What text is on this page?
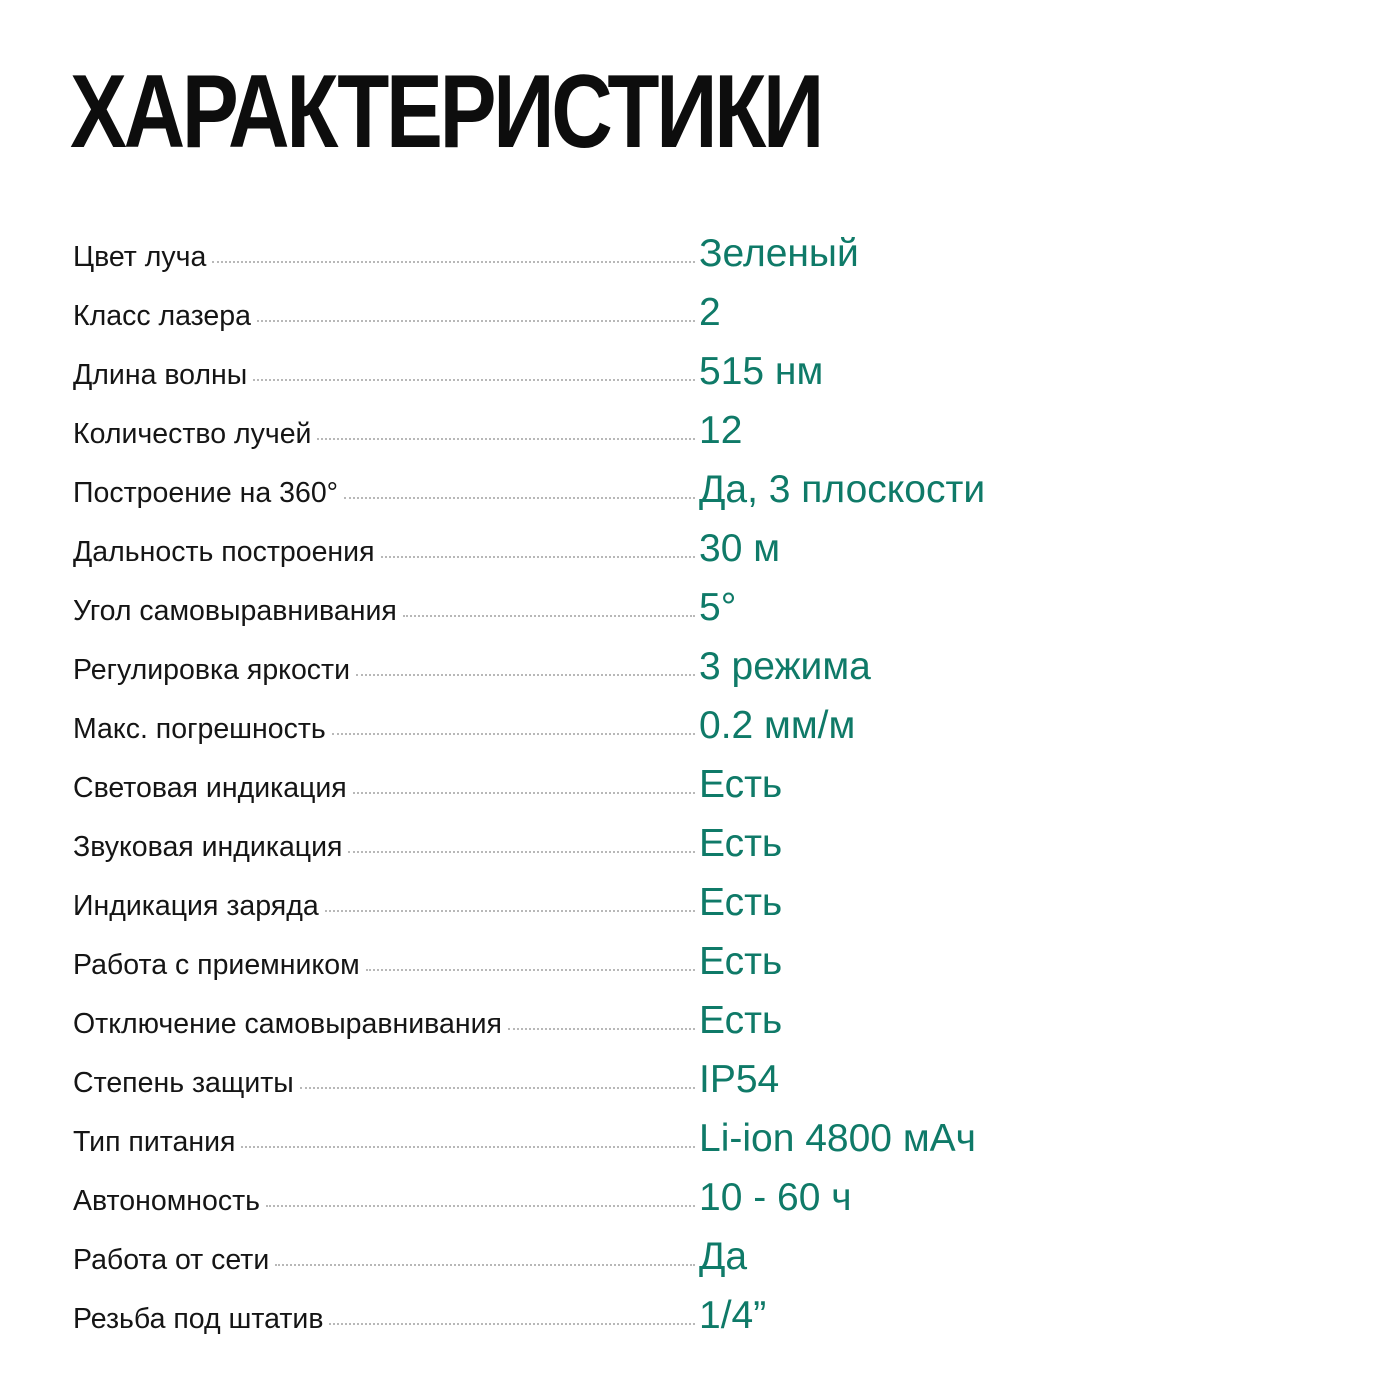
ХАРАКТЕРИСТИКИ
Цвет луча	Зеленый
Класс лазера	2
Длина волны	515 нм
Количество лучей	12
Построение на 360°	Да, 3 плоскости
Дальность построения	30 м
Угол самовыравнивания	5°
Регулировка яркости	3 режима
Макс. погрешность	0.2 мм/м
Световая индикация	Есть
Звуковая индикация	Есть
Индикация заряда	Есть
Работа с приемником	Есть
Отключение самовыравнивания	Есть
Степень защиты	IP54
Тип питания	Li-ion 4800 мАч
Автономность	10 - 60 ч
Работа от сети	Да
Резьба под штатив	1/4”
